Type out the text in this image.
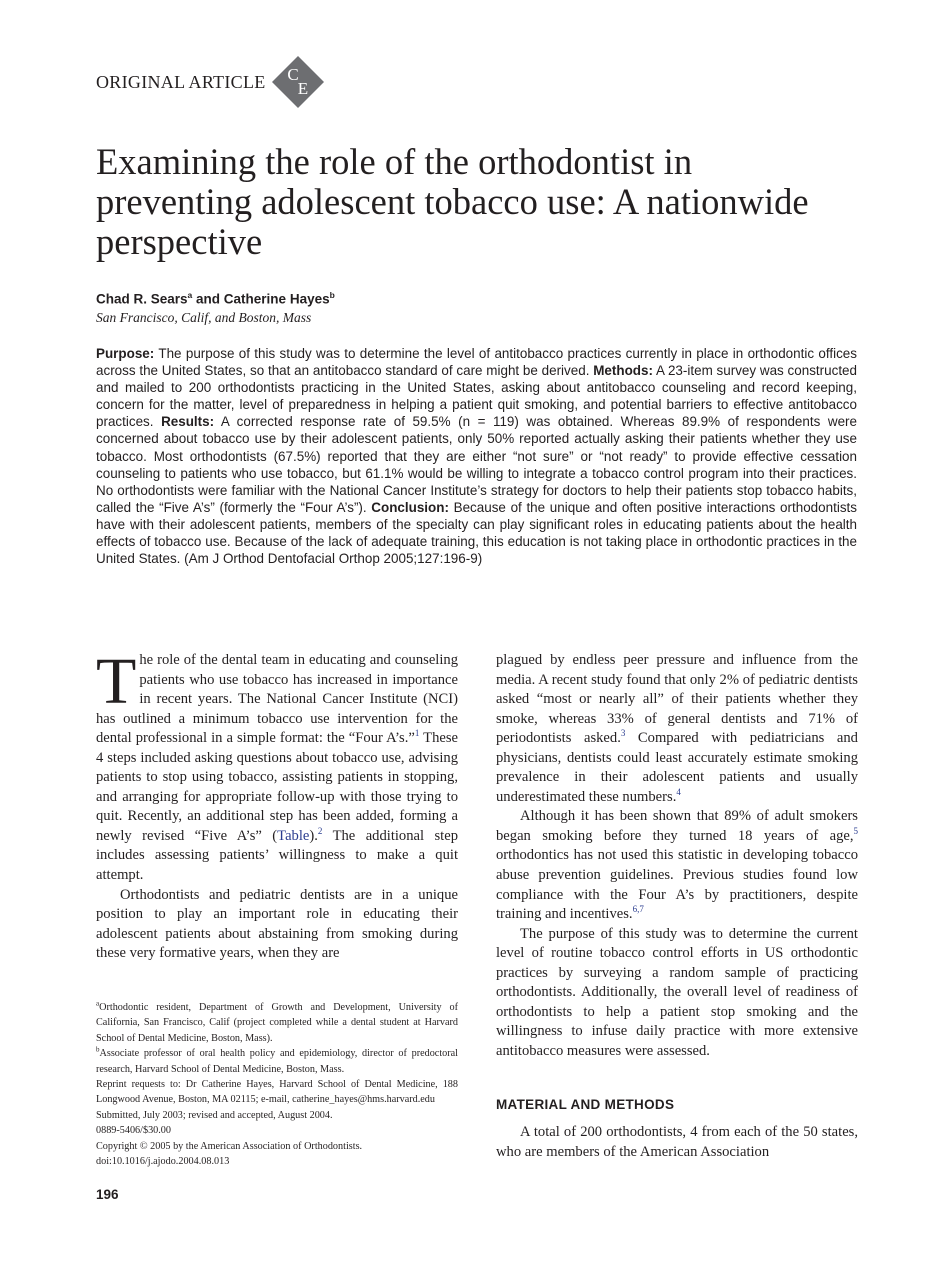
ORIGINAL ARTICLE C
E
Examining the role of the orthodontist in preventing adolescent tobacco use: A nationwide perspective
Chad R. Sears$^a$ and Catherine Hayes$^b$
San Francisco, Calif, and Boston, Mass

Purpose: The purpose of this study was to determine the level of antitobacco practices currently in place in orthodontic offices across the United States, so that an antitobacco standard of care might be derived. Methods: A 23-item survey was constructed and mailed to 200 orthodontists practicing in the United States, asking about antitobacco counseling and record keeping, concern for the matter, level of preparedness in helping a patient quit smoking, and potential barriers to effective antitobacco practices. Results: A corrected response rate of 59.5% (n = 119) was obtained. Whereas 89.9% of respondents were concerned about tobacco use by their adolescent patients, only 50% reported actually asking their patients whether they use tobacco. Most orthodontists (67.5%) reported that they are either “not sure” or “not ready” to provide effective cessation counseling to patients who use tobacco, but 61.1% would be willing to integrate a tobacco control program into their practices. No orthodontists were familiar with the National Cancer Institute’s strategy for doctors to help their patients stop tobacco habits, called the “Five A’s” (formerly the “Four A’s”). Conclusion: Because of the unique and often positive interactions orthodontists have with their adolescent patients, members of the specialty can play significant roles in educating patients about the health effects of tobacco use. Because of the lack of adequate training, this education is not taking place in orthodontic practices in the United States. (Am J Orthod Dentofacial Orthop 2005;127:196-9)

The role of the dental team in educating and counseling patients who use tobacco has increased in importance in recent years. The National Cancer Institute (NCI) has outlined a minimum tobacco use intervention for the dental professional in a simple format: the “Four A’s.”$^1$ These 4 steps included asking questions about tobacco use, advising patients to stop using tobacco, assisting patients in stopping, and arranging for appropriate follow-up with those trying to quit. Recently, an additional step has been added, forming a newly revised “Five A’s” (Table).$^2$ The additional step includes assessing patients’ willingness to make a quit attempt.

Orthodontists and pediatric dentists are in a unique position to play an important role in educating their adolescent patients about abstaining from smoking during these very formative years, when they are

$^a$Orthodontic resident, Department of Growth and Development, University of California, San Francisco, Calif (project completed while a dental student at Harvard School of Dental Medicine, Boston, Mass).

$^b$Associate professor of oral health policy and epidemiology, director of predoctoral research, Harvard School of Dental Medicine, Boston, Mass.

Reprint requests to: Dr Catherine Hayes, Harvard School of Dental Medicine, 188 Longwood Avenue, Boston, MA 02115; e-mail, catherine_hayes@hms.harvard.edu

Submitted, July 2003; revised and accepted, August 2004.

0889-5406/$30.00

Copyright © 2005 by the American Association of Orthodontists.

doi:10.1016/j.ajodo.2004.08.013

plagued by endless peer pressure and influence from the media. A recent study found that only 2% of pediatric dentists asked “most or nearly all” of their patients whether they smoke, whereas 33% of general dentists and 71% of periodontists asked.$^3$ Compared with pediatricians and physicians, dentists could least accurately estimate smoking prevalence in their adolescent patients and usually underestimated these numbers.$^4$

Although it has been shown that 89% of adult smokers began smoking before they turned 18 years of age,$^5$ orthodontics has not used this statistic in developing tobacco abuse prevention guidelines. Previous studies found low compliance with the Four A’s by practitioners, despite training and incentives.$^{6,7}$

The purpose of this study was to determine the current level of routine tobacco control efforts in US orthodontic practices by surveying a random sample of practicing orthodontists. Additionally, the overall level of readiness of orthodontists to help a patient stop smoking and the willingness to infuse daily practice with more extensive antitobacco measures were assessed.

MATERIAL AND METHODS

A total of 200 orthodontists, 4 from each of the 50 states, who are members of the American Association

196
